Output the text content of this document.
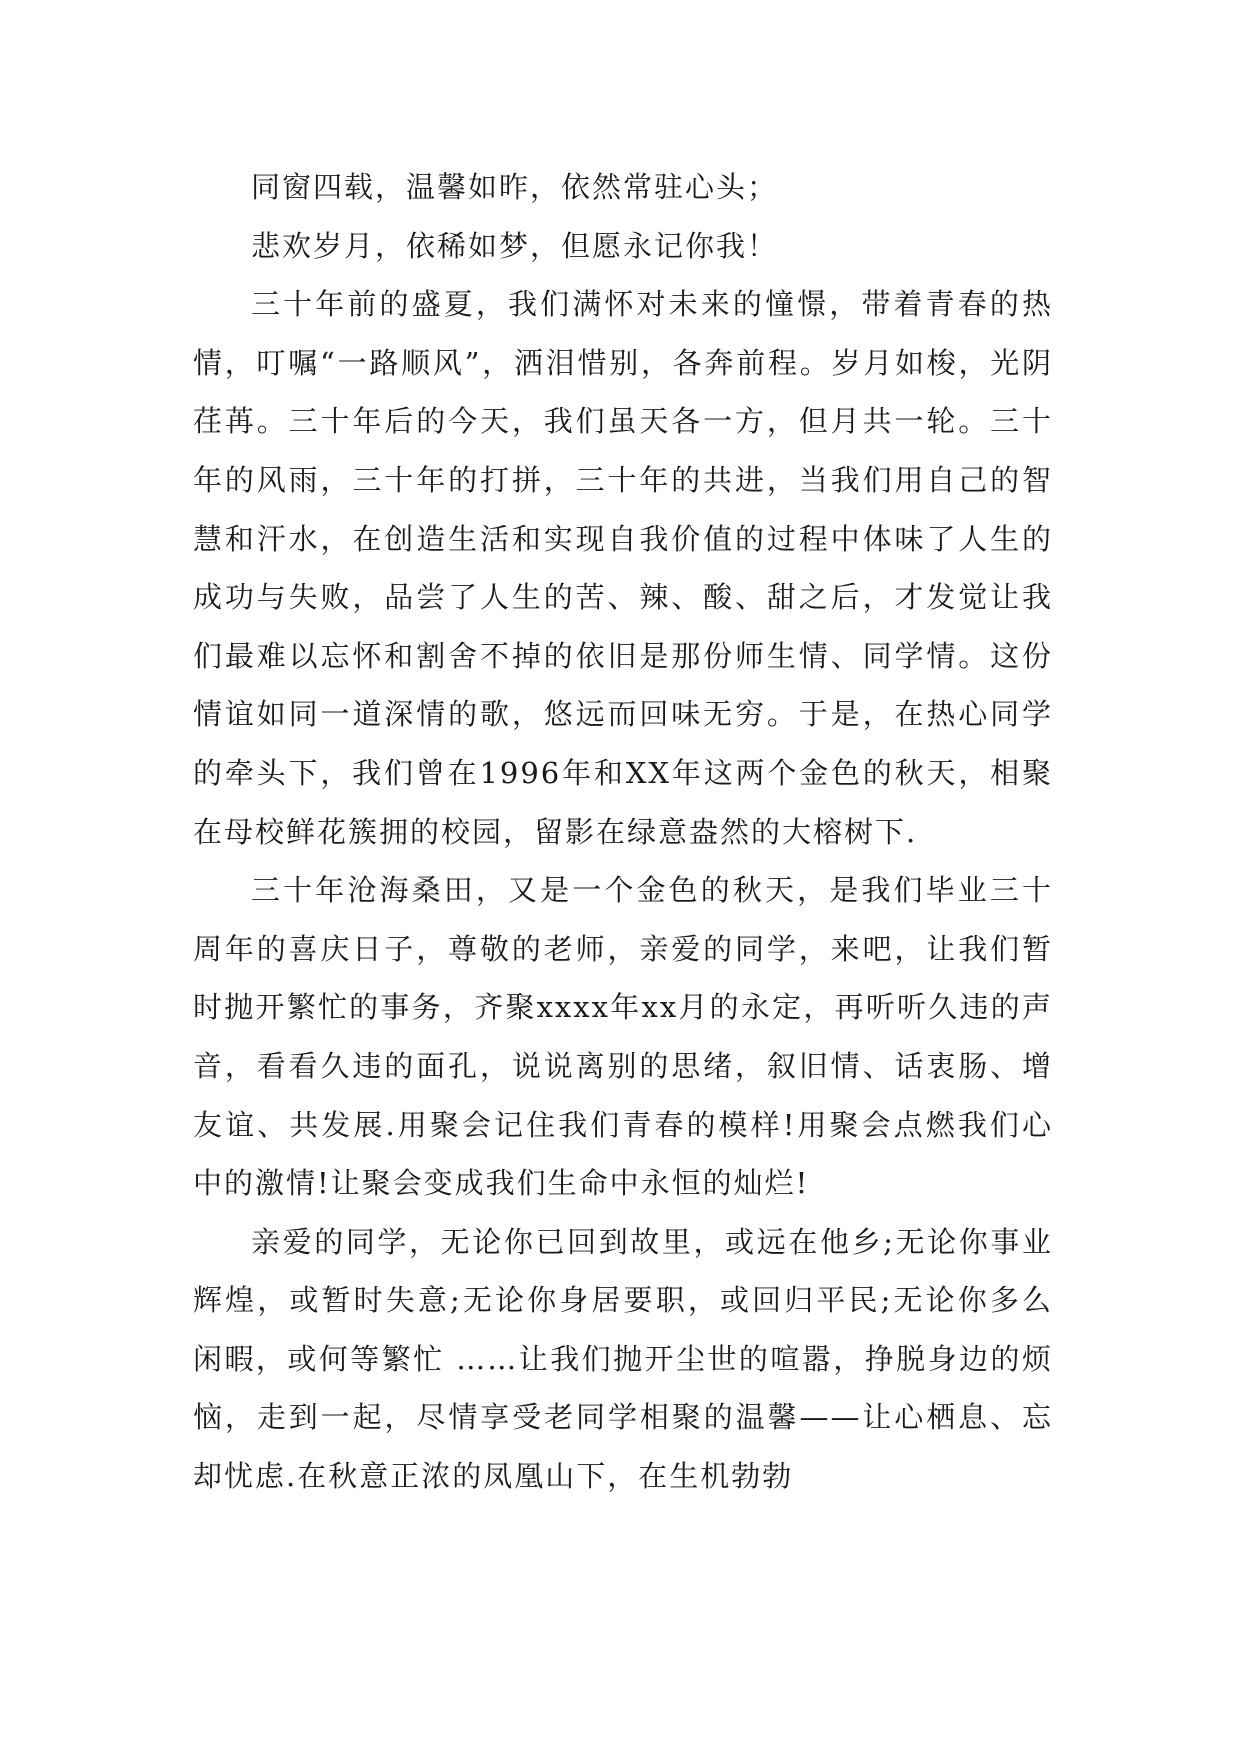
同窗四载，温馨如昨，依然常驻心头；

悲欢岁月，依稀如梦，但愿永记你我！

三十年前的盛夏，我们满怀对未来的憧憬，带着青春的热情，叮嘱“一路顺风”，洒泪惜别，各奔前程。岁月如梭，光阴荏苒。三十年后的今天，我们虽天各一方，但月共一轮。三十年的风雨，三十年的打拼，三十年的共进，当我们用自己的智慧和汗水，在创造生活和实现自我价值的过程中体味了人生的成功与失败，品尝了人生的苦、辣、酸、甜之后，才发觉让我们最难以忘怀和割舍不掉的依旧是那份师生情、同学情。这份情谊如同一道深情的歌，悠远而回味无穷。于是，在热心同学的牵头下，我们曾在1996年和XX年这两个金色的秋天，相聚在母校鲜花簇拥的校园，留影在绿意盎然的大榕树下.

三十年沧海桑田，又是一个金色的秋天，是我们毕业三十周年的喜庆日子，尊敬的老师，亲爱的同学，来吧，让我们暂时抛开繁忙的事务，齐聚xxxx年xx月的永定，再听听久违的声音，看看久违的面孔，说说离别的思绪，叙旧情、话衷肠、增友谊、共发展.用聚会记住我们青春的模样!用聚会点燃我们心中的激情!让聚会变成我们生命中永恒的灿烂!

亲爱的同学，无论你已回到故里，或远在他乡;无论你事业辉煌，或暂时失意;无论你身居要职，或回归平民;无论你多么闲暇，或何等繁忙 ……让我们抛开尘世的喧嚣，挣脱身边的烦恼，走到一起，尽情享受老同学相聚的温馨——让心栖息、忘却忧虑.在秋意正浓的凤凰山下，在生机勃勃
